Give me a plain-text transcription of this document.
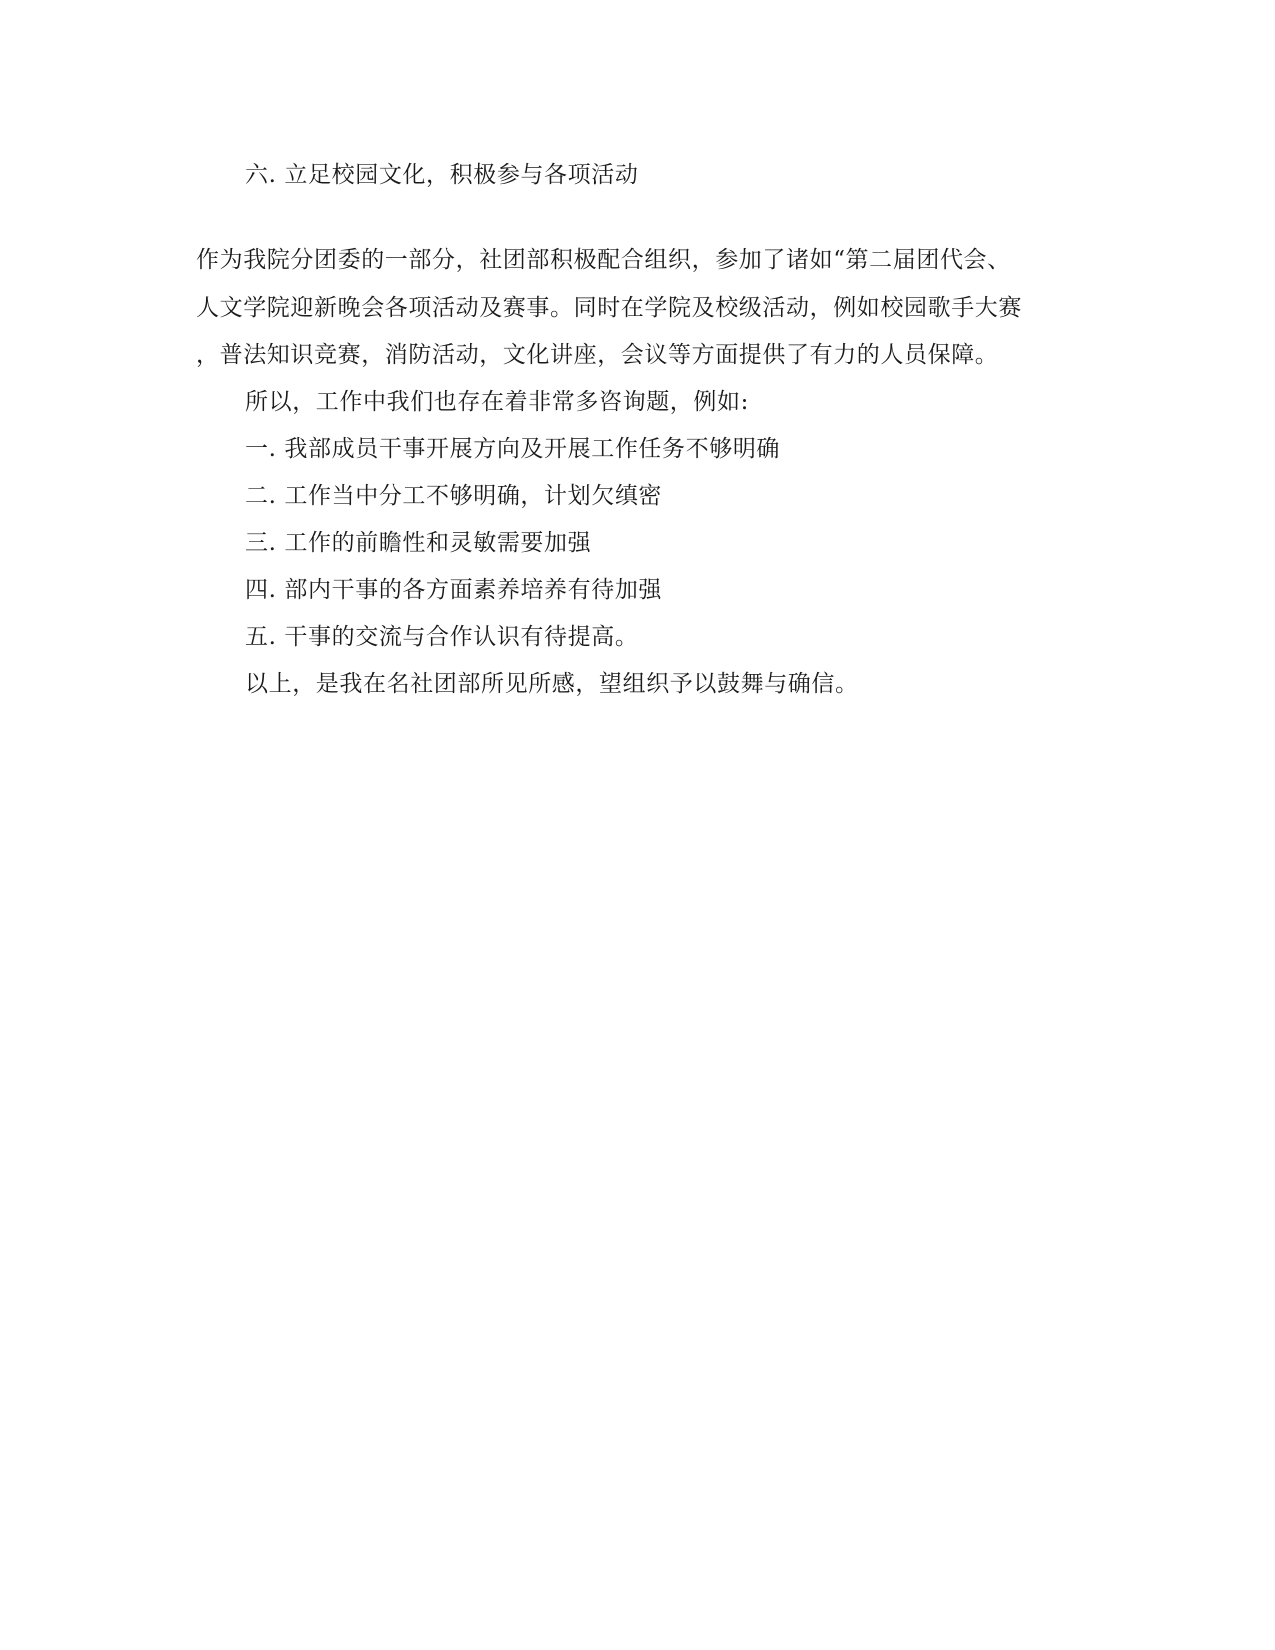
六. 立足校园文化，积极参与各项活动
作为我院分团委的一部分，社团部积极配合组织，参加了诸如“第二届团代会、
人文学院迎新晚会各项活动及赛事。同时在学院及校级活动，例如校园歌手大赛
，普法知识竞赛，消防活动，文化讲座，会议等方面提供了有力的人员保障。
所以，工作中我们也存在着非常多咨询题，例如:
一. 我部成员干事开展方向及开展工作任务不够明确
二. 工作当中分工不够明确，计划欠缜密
三. 工作的前瞻性和灵敏需要加强
四. 部内干事的各方面素养培养有待加强
五. 干事的交流与合作认识有待提高。
以上，是我在名社团部所见所感，望组织予以鼓舞与确信。
